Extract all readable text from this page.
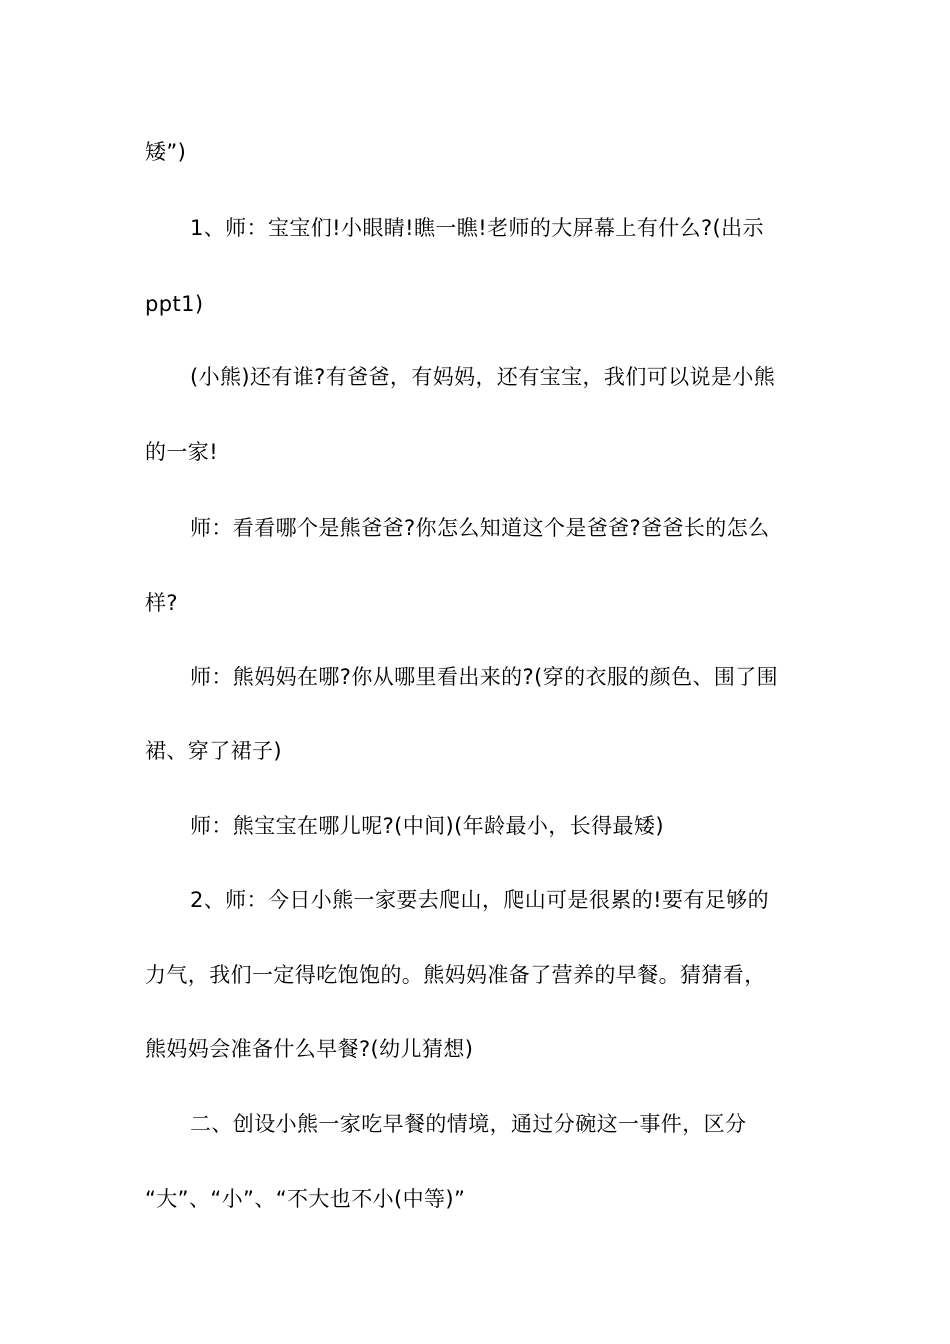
矮”)
1、师：宝宝们!小眼睛!瞧一瞧!老师的大屏幕上有什么?(出示
ppt1)
(小熊)还有谁?有爸爸，有妈妈，还有宝宝，我们可以说是小熊
的一家!
师：看看哪个是熊爸爸?你怎么知道这个是爸爸?爸爸长的怎么
样?
师：熊妈妈在哪?你从哪里看出来的?(穿的衣服的颜色、围了围
裙、穿了裙子)
师：熊宝宝在哪儿呢?(中间)(年龄最小，长得最矮)
2、师：今日小熊一家要去爬山，爬山可是很累的!要有足够的
力气，我们一定得吃饱饱的。熊妈妈准备了营养的早餐。猜猜看，
熊妈妈会准备什么早餐?(幼儿猜想)
二、创设小熊一家吃早餐的情境，通过分碗这一事件，区分
“大”、“小”、“不大也不小(中等)”
